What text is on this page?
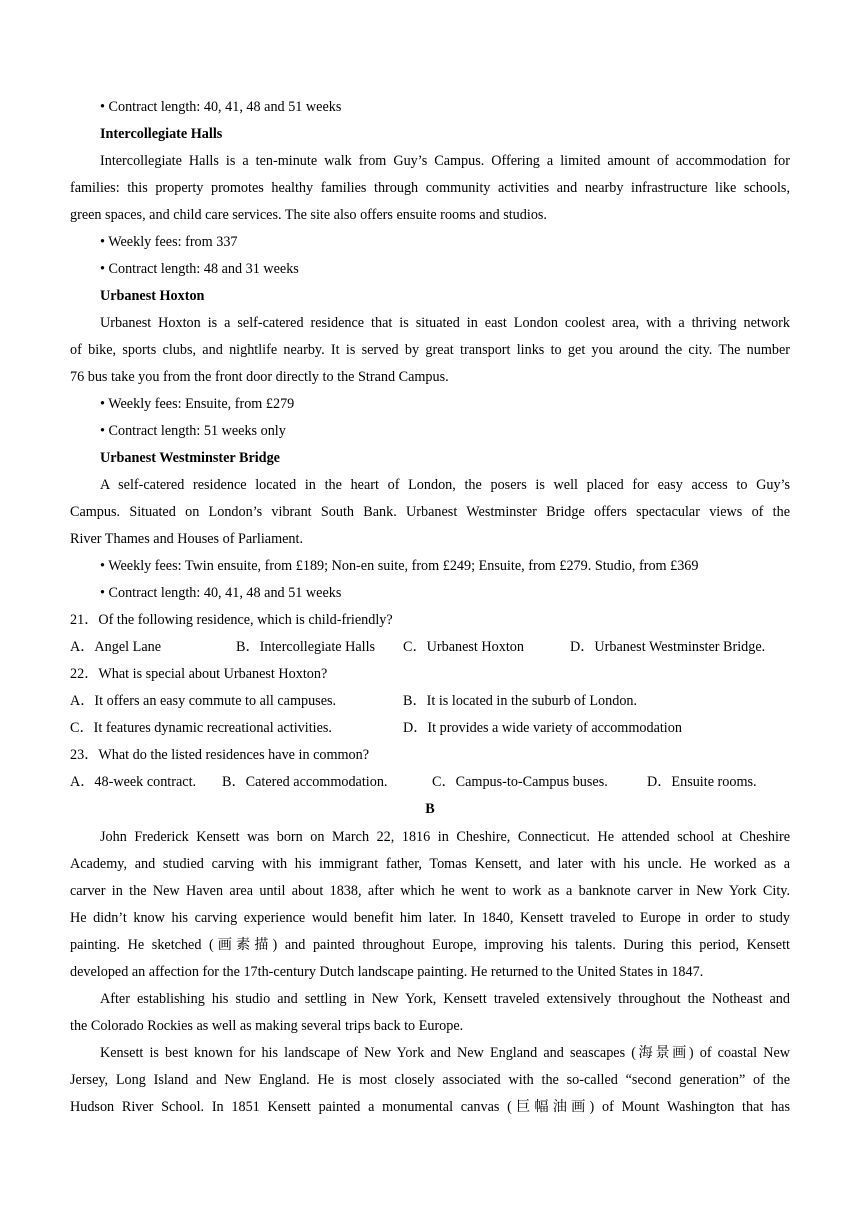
• Contract length: 40, 41, 48 and 51 weeks
Intercollegiate Halls
Intercollegiate Halls is a ten-minute walk from Guy’s Campus. Offering a limited amount of accommodation for
families: this property promotes healthy families through community activities and nearby infrastructure like schools,
green spaces, and child care services. The site also offers ensuite rooms and studios.
• Weekly fees: from 337
• Contract length: 48 and 31 weeks
Urbanest Hoxton
Urbanest Hoxton is a self-catered residence that is situated in east London coolest area, with a thriving network
of bike, sports clubs, and nightlife nearby. It is served by great transport links to get you around the city. The number
76 bus take you from the front door directly to the Strand Campus.
• Weekly fees: Ensuite, from £279
• Contract length: 51 weeks only
Urbanest Westminster Bridge
A self-catered residence located in the heart of London, the posers is well placed for easy access to Guy’s
Campus. Situated on London’s vibrant South Bank. Urbanest Westminster Bridge offers spectacular views of the
River Thames and Houses of Parliament.
• Weekly fees: Twin ensuite, from £189; Non-en suite, from £249; Ensuite, from £279. Studio, from £369
• Contract length: 40, 41, 48 and 51 weeks
21．Of the following residence, which is child-friendly?
A．Angel Lane	B．Intercollegiate Halls C．Urbanest Hoxton	D．Urbanest Westminster Bridge.
22．What is special about Urbanest Hoxton?
A．It offers an easy commute to all campuses.	B．It is located in the suburb of London.
C．It features dynamic recreational activities.	D．It provides a wide variety of accommodation
23．What do the listed residences have in common?
A．48-week contract. B．Catered accommodation.	C．Campus-to-Campus buses.	D．Ensuite rooms.
B
John Frederick Kensett was born on March 22, 1816 in Cheshire, Connecticut. He attended school at Cheshire
Academy, and studied carving with his immigrant father, Tomas Kensett, and later with his uncle. He worked as a
carver in the New Haven area until about 1838, after which he went to work as a banknote carver in New York City.
He didn’t know his carving experience would benefit him later. In 1840, Kensett traveled to Europe in order to study
painting. He sketched (画素描) and painted throughout Europe, improving his talents. During this period, Kensett
developed an affection for the 17th-century Dutch landscape painting. He returned to the United States in 1847.
After establishing his studio and settling in New York, Kensett traveled extensively throughout the Notheast and
the Colorado Rockies as well as making several trips back to Europe.
Kensett is best known for his landscape of New York and New England and seascapes (海景画) of coastal New
Jersey, Long Island and New England. He is most closely associated with the so-called “second generation” of the
Hudson River School. In 1851 Kensett painted a monumental canvas (巨幅油画) of Mount Washington that has
